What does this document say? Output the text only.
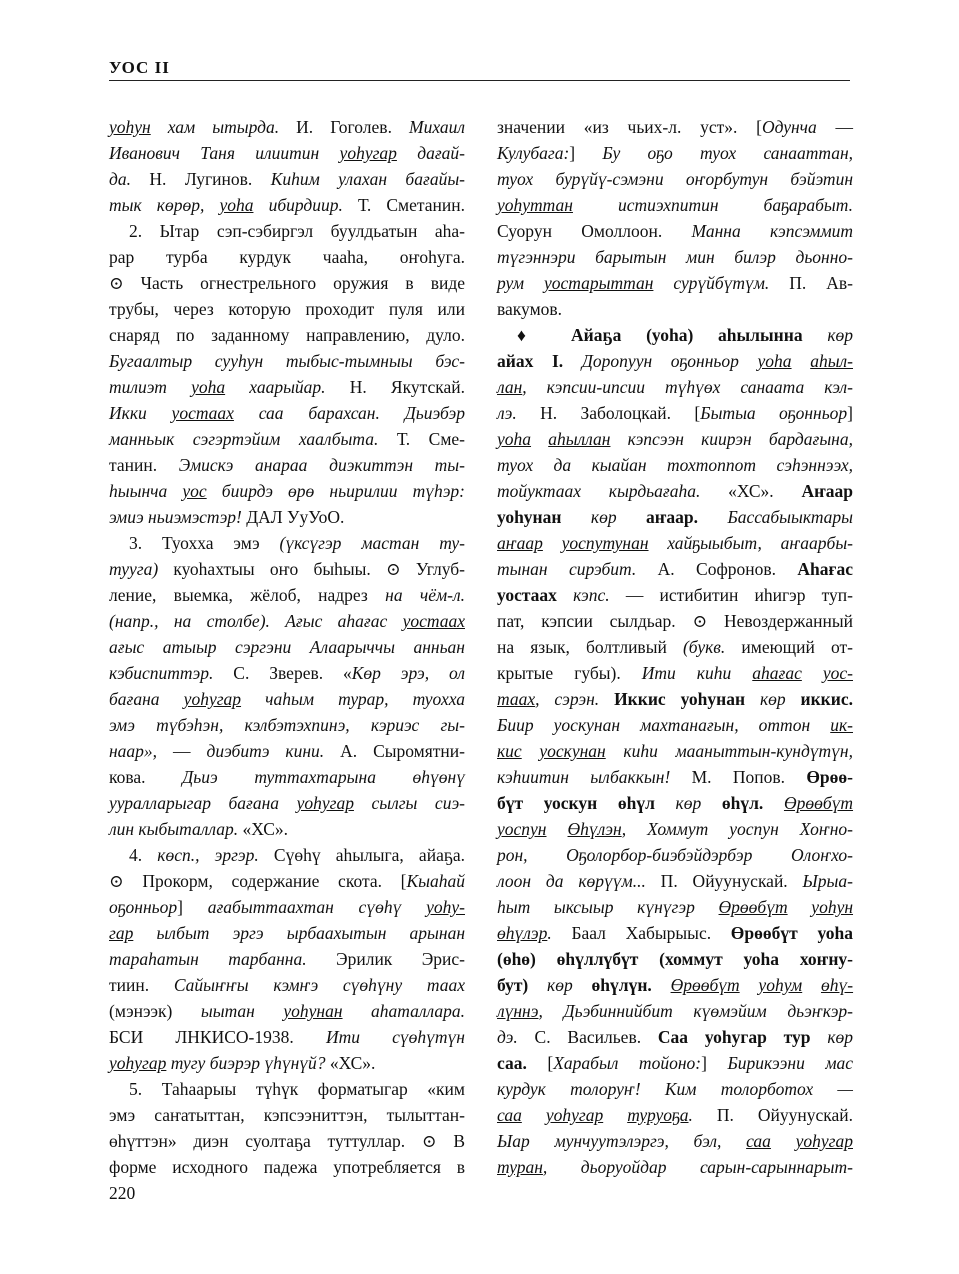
УОС II
уоһун хам ытырда. И. Гоголев. Михаил
Иванович Таня илиитин уоһугар дағай-
да. Н. Лугинов. Киһим улахан бағайы-
тык көрөр, уоһа ибирдиир. Т. Сметанин.
2. Ытар сэп-сэбиргэл буулдьатын аһа-
рар турба курдук чааһа, оҥоһуга.
⊙ Часть огнестрельного оружия в виде
трубы, через которую проходит пуля или
снаряд по заданному направлению, дуло.
Бугаалтыр сууһун тыбыс-тымныы бэс-
тилиэт уоһа хаарыйар. Н. Якутскай.
Икки уостаах саа барахсан. Дьиэбэр
манньык сэгэртэйим хаалбыта. Т. Сме-
танин. Эмискэ анараа диэкиттэн ты-
һыынча уос биирдэ өрө ньирилии түһэр:
эмиэ ньиэмэстэр! ДАЛ УуУоО.
3. Туохха эмэ (үксүгэр мастан ту-
тууга) куоһахтыы оҥо быһыы. ⊙ Углуб-
ление, выемка, жёлоб, надрез на чём-л.
(напр., на столбе). Ағыс аһағас уостаах
ағыс атыыр сэргэни Алаарыччы анньан
кэбиспиттэр. С. Зверев. «Көр эрэ, ол
бағана уоһугар чаһым турар, туохха
эмэ түбэһэн, кэлбэтэхпинэ, кэриэс гы-
наар», — диэбитэ кини. А. Сыромятни-
кова. Дьиэ туттахтарына өһүөнү
ууралларыгар бағана уоһугар сылгы сиэ-
лин кыбыталлар. «ХС».
4. көсп., эргэр. Сүөһү аһылыга, айаҕа.
⊙ Прокорм, содержание скота. [Кыаһай
оҕонньор] ағабыттаахтан сүөһү уоһу-
гар ылбыт эргэ ырбаахытын арынан
тараһатын тарбанна. Эрилик Эрис-
тиин. Сайыҥҥы кэмҥэ сүөһүну таах
(мэнээк) ыытан уоһунан аһаталлара.
БСИ ЛНКИСО-1938. Ити сүөһүтүн
уоһугар тугу биэрэр үһүнүй? «ХС».
5. Таһаарыы түһүк форматыгар «ким
эмэ саҥатыттан, кэпсээниттэн, тылыттан-
өһүттэн» диэн суолтаҕа туттуллар. ⊙ В
форме исходного падежа употребляется в
значении «из чьих-л. уст». [Одунча —
Кулубага:] Бу оҕо туох санааттан,
туох бурүйү-сэмэни оҥорбутун бэйэтин
уоһуттан истиэхпитин баҕарабыт.
Суорун Омоллоон. Манна кэпсэммит
түгэннэри барытын мин билэр дьонно-
рум уостарыттан сурүйбүтүм. П. Ав-
вакумов.
♦ Айаҕа (уоһа) аһылынна көр
айах I. Доропуун оҕонньор уоһа аһыл-
лан, кэпсии-ипсии түһүөх санаата кэл-
лэ. Н. Заболоцкай. [Бытыа оҕонньор]
уоһа аһыллан кэпсээн киирэн бардағына,
туох да кыайан тохтоппот сэһэннээх,
тойуктаах кырдьағаһа. «ХС». Аҥаар
уоһунан көр аҥаар. Бассабыыктары
аҥаар уоспутунан хайҕыыбыт, аҥаарбы-
тынан сирэбит. А. Софронов. Аһағас
уостаах кэпс. — истибитин иһигэр туп-
пат, кэпсии сылдьар. ⊙ Невоздержанный
на язык, болтливый (букв. имеющий от-
крытые губы). Ити киһи аһағас уос-
таах, сэрэн. Иккис уоһунан көр иккис.
Биир уоскунан махтанағын, оттон ик-
кис уоскунан киһи мааныттын-кундүтүн,
кэһиитин ылбаккын! М. Попов. Өрөө-
бүт уоскун өһүл көр өһүл. Өрөөбүт
уоспун Өһүлэн, Хоммут уоспун Хоҥно-
рон, Оҕолорбор-биэбэйдэрбэр Олоҥхо-
лоон да көрүүм... П. Ойуунускай. Ырыа-
һыт ыксыыр күнүгэр Өрөөбүт уоһун
өһүлэр. Баал Хабырыыс. Өрөөбүт уоһа
(өһө) өһүллүбүт (хоммут уоһа хоҥну-
бут) көр өһүлүн. Өрөөбүт уоһум өһү-
лүннэ, Дьэбиннийбит күөмэйим дьэҥкэр-
дэ. С. Васильев. Саа уоһугар тур көр
саа. [Харабыл тойоно:] Бирикээни мас
курдук толоруҥ! Ким толорботох —
саа уоһугар туруоҕа. П. Ойуунускай.
Ыар мунчуутэлэргэ, бэл, саа уоһугар
туран, дьоруойдар сарын-сарыннарыт-
220
